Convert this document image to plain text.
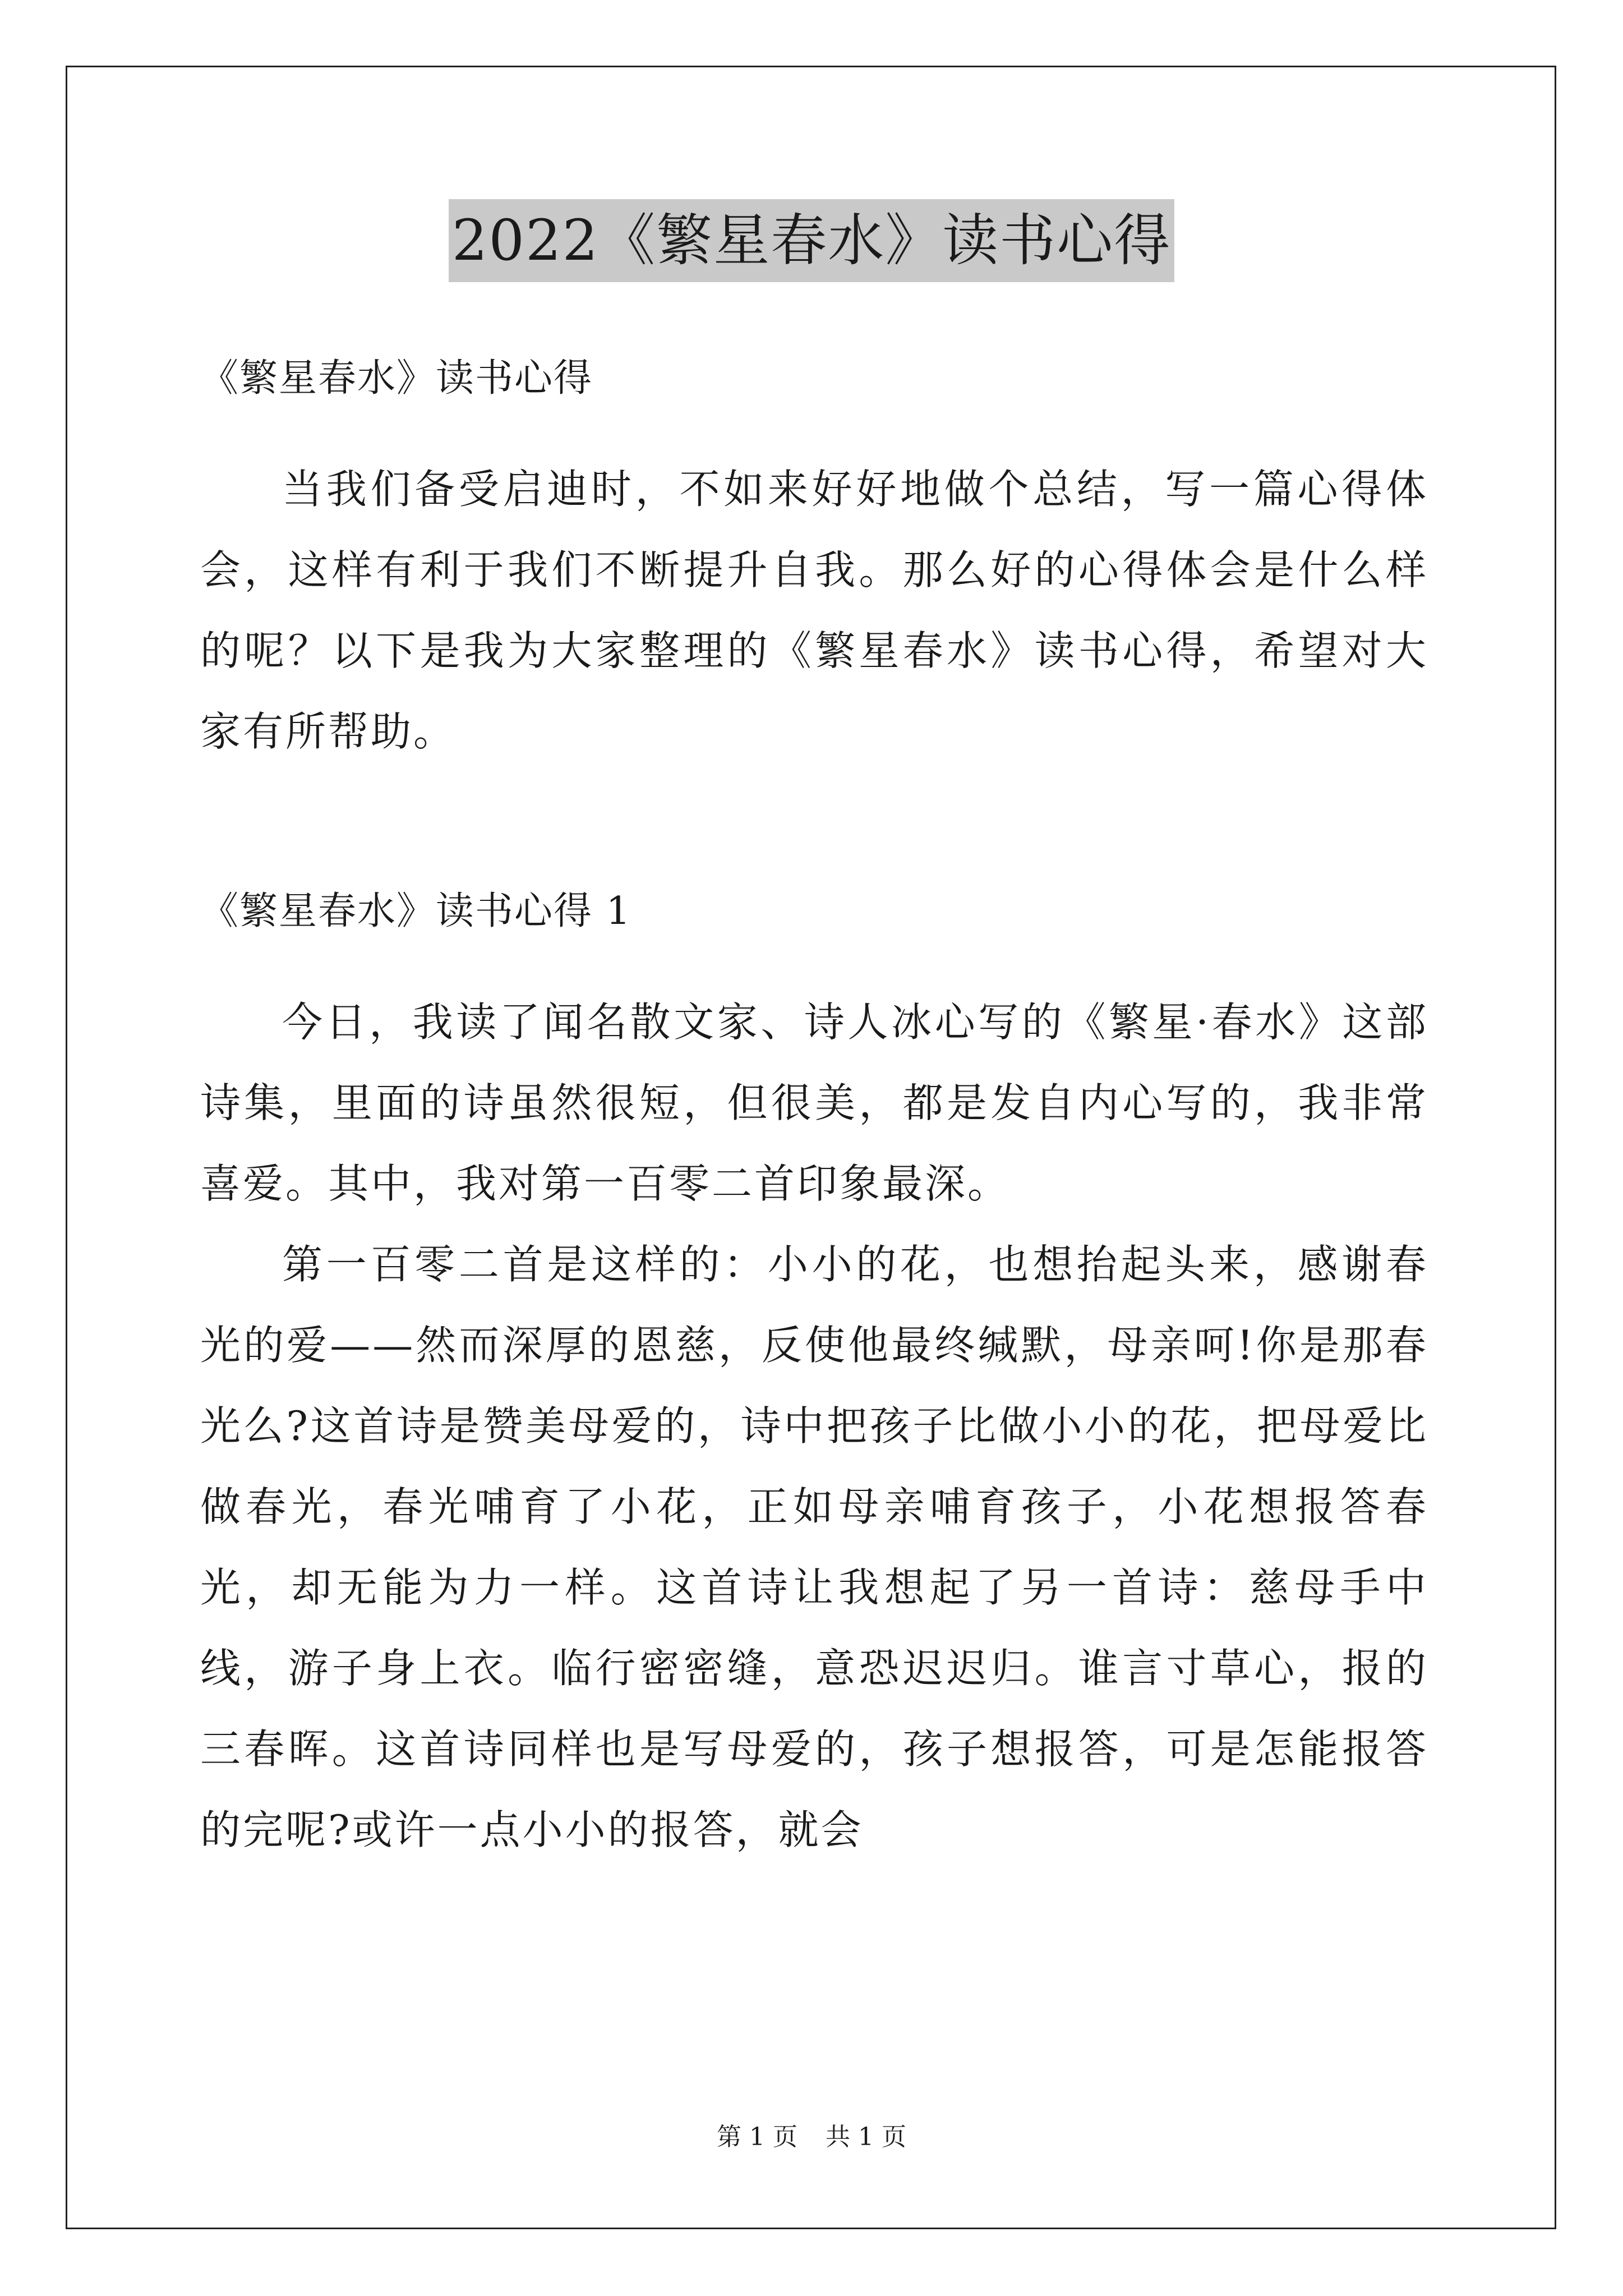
2022《繁星春水》读书心得
《繁星春水》读书心得

当我们备受启迪时，不如来好好地做个总结，写一篇心得体会，这样有利于我们不断提升自我。那么好的心得体会是什么样的呢？以下是我为大家整理的《繁星春水》读书心得，希望对大家有所帮助。

《繁星春水》读书心得 1

今日，我读了闻名散文家、诗人冰心写的《繁星·春水》这部诗集，里面的诗虽然很短，但很美，都是发自内心写的，我非常喜爱。其中，我对第一百零二首印象最深。

第一百零二首是这样的：小小的花，也想抬起头来，感谢春光的爱——然而深厚的恩慈，反使他最终缄默，母亲呵!你是那春光么?这首诗是赞美母爱的，诗中把孩子比做小小的花，把母爱比做春光，春光哺育了小花，正如母亲哺育孩子，小花想报答春光，却无能为力一样。这首诗让我想起了另一首诗：慈母手中线，游子身上衣。临行密密缝，意恐迟迟归。谁言寸草心，报的三春晖。这首诗同样也是写母爱的，孩子想报答，可是怎能报答的完呢?或许一点小小的报答，就会

第 1 页 共 1 页
